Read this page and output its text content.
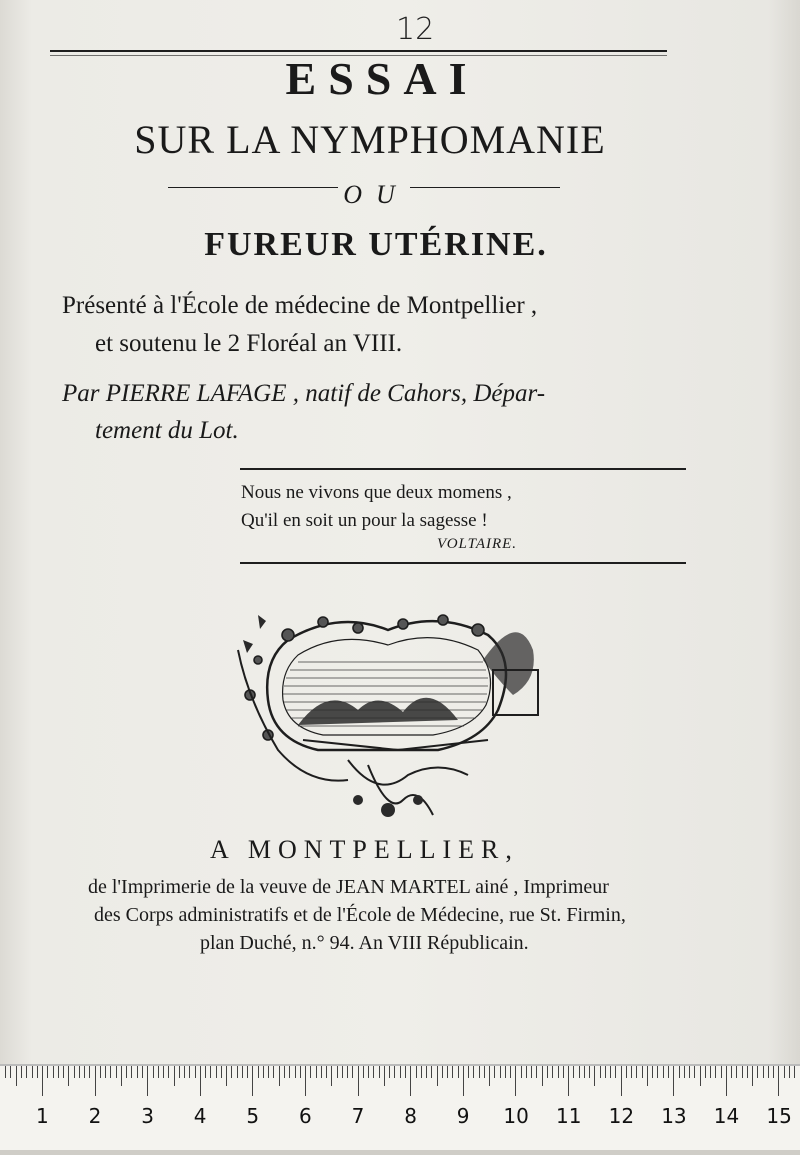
12
ESSAI
SUR LA NYMPHOMANIE
OU
FUREUR UTÉRINE.
Présenté à l'École de médecine de Montpellier ,
et soutenu le 2 Floréal an VIII.
Par PIERRE LAFAGE , natif de Cahors, Dépar-
tement du Lot.
Nous ne vivons que deux momens ,
Qu'il en soit un pour la sagesse !
VOLTAIRE.
A MONTPELLIER,
de l'Imprimerie de la veuve de JEAN MARTEL ainé , Imprimeur
des Corps administratifs et de l'École de Médecine, rue St. Firmin,
plan Duché, n.° 94. An VIII Républicain.
1 2 3 4 5 6 7 8 9 10 11 12 13 14 15
